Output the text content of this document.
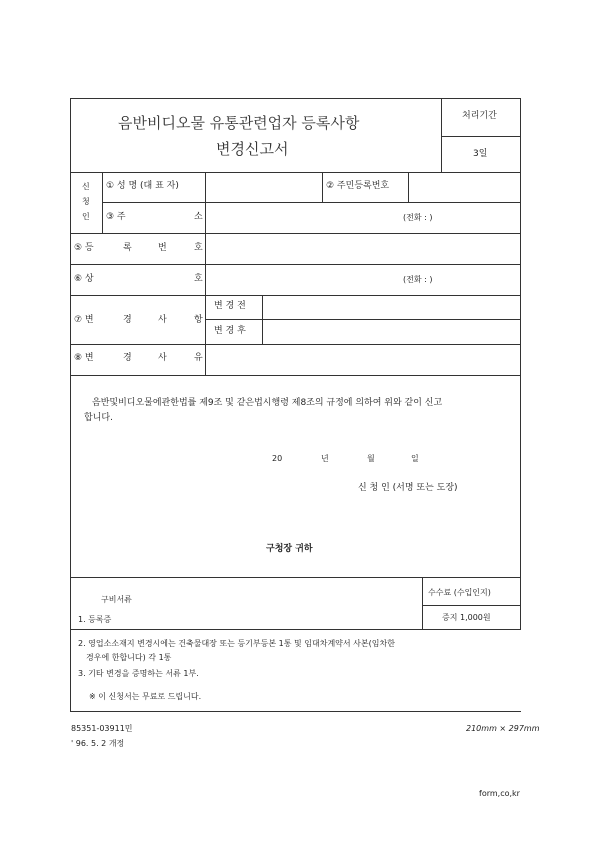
음반비디오물 유통관련업자 등록사항
변경신고서
처리기간
3일
신
청
인
① 성 명 (대 표 자)	② 주민등록번호
③ 주	소	(전화 : )
⑤ 등	록	번	호
⑥ 상	호	(전화 : )
⑦ 변	경	사	항
변 경 전
변 경 후
⑧ 변	경	사	유
음반및비디오물에관한법률 제9조 및 같은법시행령 제8조의 규정에 의하여 위와 같이 신고
합니다.
20	년	월	일
신 청 인 (서명 또는 도장)
구청장 귀하
구비서류
1. 등록증
수수료 (수입인지)
증지 1,000원
2. 영업소소재지 변경시에는 건축물대장 또는 등기부등본 1통 및 임대차계약서 사본(임차한
경우에 한합니다) 각 1통
3. 기타 변경을 증명하는 서류 1부.
※ 이 신청서는 무료로 드립니다.
85351-03911민	210mm × 297mm
' 96. 5. 2 개정
form,co,kr
